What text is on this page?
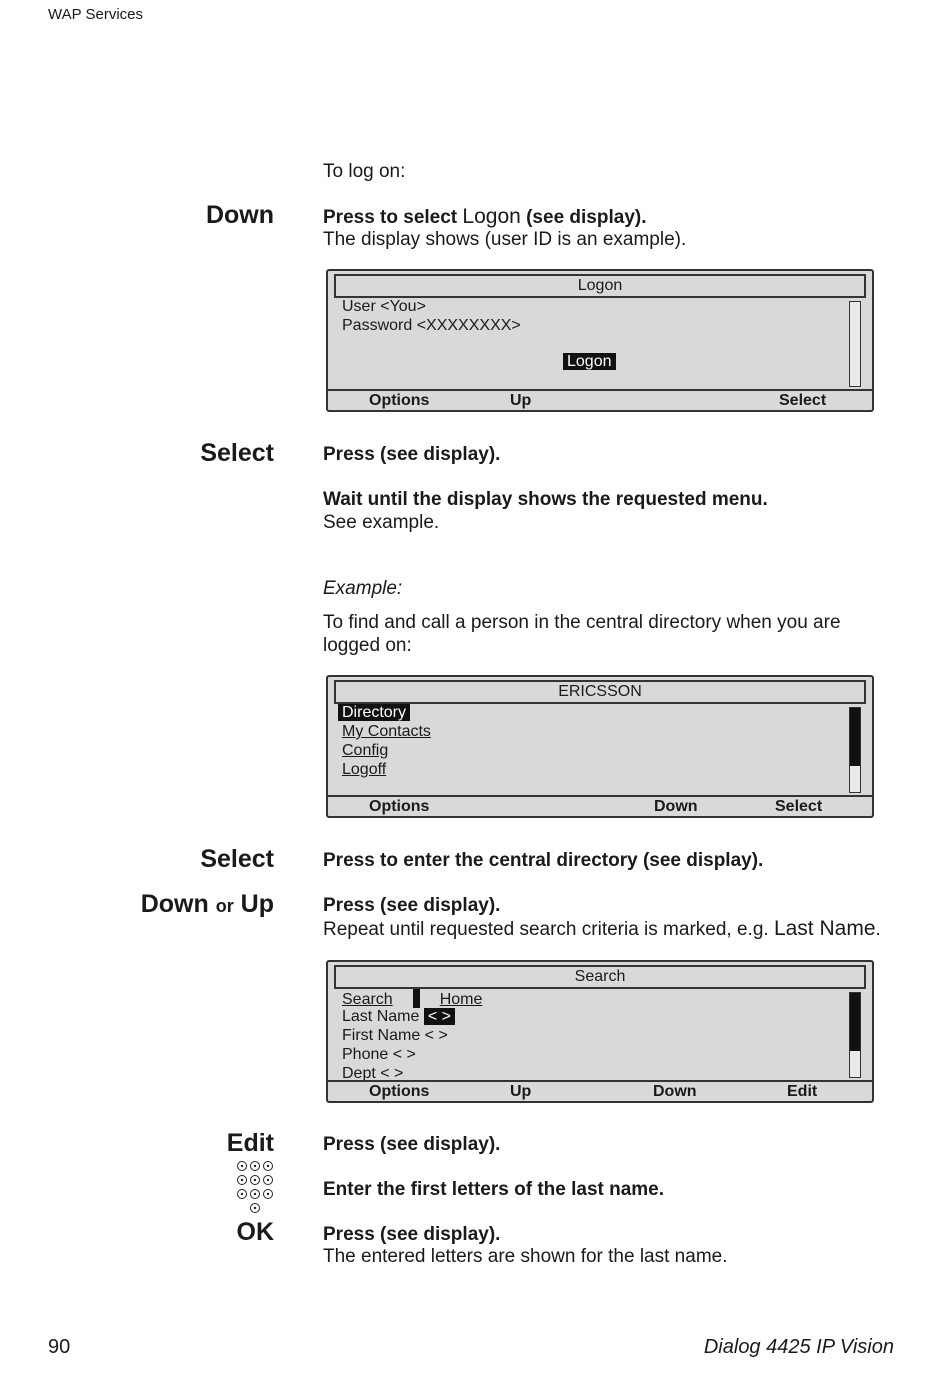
WAP Services
To log on:
Down	Press to select Logon (see display).
The display shows (user ID is an example).
Logon
User <You>
Password <XXXXXXXX>
Logon
Options	Up	Select
Select	Press (see display).
Wait until the display shows the requested menu.
See example.
Example:
To find and call a person in the central directory when you are
logged on:
ERICSSON
Directory
My Contacts
Config
Logoff
Options	Down	Select
Select	Press to enter the central directory (see display).
Down or Up	Press (see display).
Repeat until requested search criteria is marked, e.g. Last Name.
Search
Search	Home
Last Name < >
First Name < >
Phone < >
Dept < >
Options	Up	Down	Edit
Edit	Press (see display).
Enter the first letters of the last name.
OK	Press (see display).
The entered letters are shown for the last name.
90	Dialog 4425 IP Vision
